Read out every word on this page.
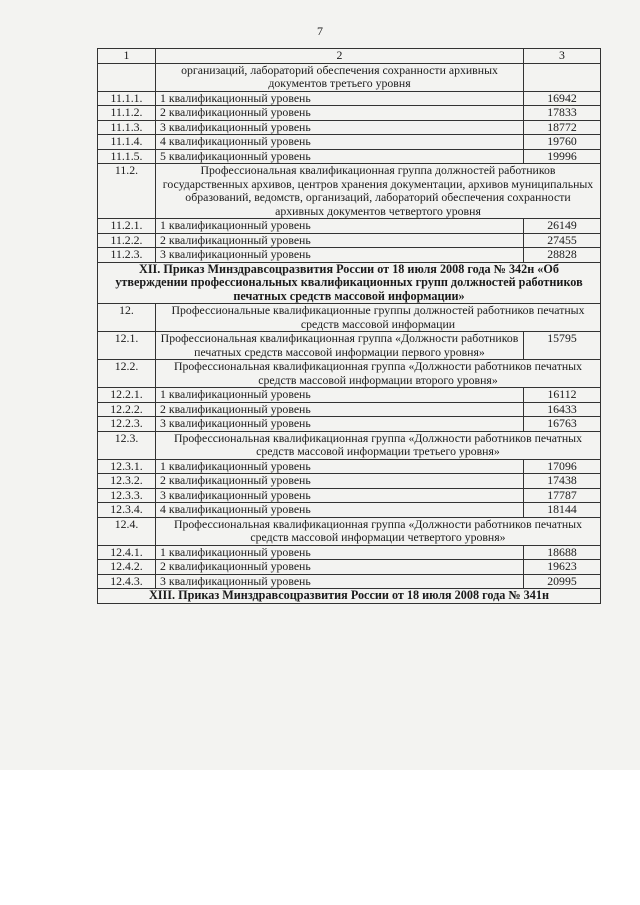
7
1	2	3
	организаций, лабораторий обеспечения сохранности архивных документов третьего уровня	
11.1.1.	1 квалификационный уровень	16942
11.1.2.	2 квалификационный уровень	17833
11.1.3.	3 квалификационный уровень	18772
11.1.4.	4 квалификационный уровень	19760
11.1.5.	5 квалификационный уровень	19996
11.2.	Профессиональная квалификационная группа должностей работников государственных архивов, центров хранения документации, архивов муниципальных образований, ведомств, организаций, лабораторий обеспечения сохранности архивных документов четвертого уровня	
11.2.1.	1 квалификационный уровень	26149
11.2.2.	2 квалификационный уровень	27455
11.2.3.	3 квалификационный уровень	28828
XII. Приказ Минздравсоцразвития России от 18 июля 2008 года № 342н «Об утверждении профессиональных квалификационных групп должностей работников печатных средств массовой информации»		
12.	Профессиональные квалификационные группы должностей работников печатных средств массовой информации	
12.1.	Профессиональная квалификационная группа «Должности работников печатных средств массовой информации первого уровня»	15795
12.2.	Профессиональная квалификационная группа «Должности работников печатных средств массовой информации второго уровня»	
12.2.1.	1 квалификационный уровень	16112
12.2.2.	2 квалификационный уровень	16433
12.2.3.	3 квалификационный уровень	16763
12.3.	Профессиональная квалификационная группа «Должности работников печатных средств массовой информации третьего уровня»	
12.3.1.	1 квалификационный уровень	17096
12.3.2.	2 квалификационный уровень	17438
12.3.3.	3 квалификационный уровень	17787
12.3.4.	4 квалификационный уровень	18144
12.4.	Профессиональная квалификационная группа «Должности работников печатных средств массовой информации четвертого уровня»	
12.4.1.	1 квалификационный уровень	18688
12.4.2.	2 квалификационный уровень	19623
12.4.3.	3 квалификационный уровень	20995
XIII. Приказ Минздравсоцразвития России от 18 июля 2008 года № 341н		
